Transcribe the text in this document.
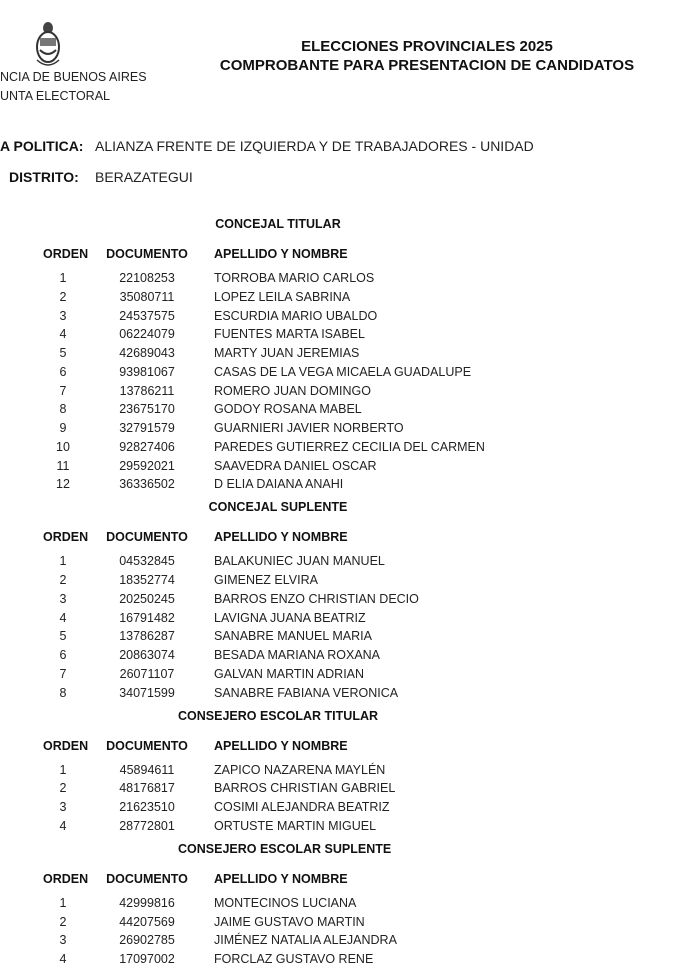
ELECCIONES PROVINCIALES 2025
COMPROBANTE PARA PRESENTACION DE CANDIDATOS
NCIA DE BUENOS AIRES
UNTA ELECTORAL
A POLITICA: ALIANZA FRENTE DE IZQUIERDA Y DE TRABAJADORES - UNIDAD
DISTRITO: BERAZATEGUI
CONCEJAL TITULAR
ORDEN DOCUMENTO APELLIDO Y NOMBRE
1	22108253	TORROBA MARIO CARLOS
2	35080711	LOPEZ LEILA SABRINA
3	24537575	ESCURDIA MARIO UBALDO
4	06224079	FUENTES MARTA ISABEL
5	42689043	MARTY JUAN JEREMIAS
6	93981067	CASAS DE LA VEGA MICAELA GUADALUPE
7	13786211	ROMERO JUAN DOMINGO
8	23675170	GODOY ROSANA MABEL
9	32791579	GUARNIERI JAVIER NORBERTO
10	92827406	PAREDES GUTIERREZ CECILIA DEL CARMEN
11	29592021	SAAVEDRA DANIEL OSCAR
12	36336502	D ELIA DAIANA ANAHI
CONCEJAL SUPLENTE
ORDEN DOCUMENTO APELLIDO Y NOMBRE
1	04532845	BALAKUNIEC JUAN MANUEL
2	18352774	GIMENEZ ELVIRA
3	20250245	BARROS ENZO CHRISTIAN DECIO
4	16791482	LAVIGNA JUANA BEATRIZ
5	13786287	SANABRE MANUEL MARIA
6	20863074	BESADA MARIANA ROXANA
7	26071107	GALVAN MARTIN ADRIAN
8	34071599	SANABRE FABIANA VERONICA
CONSEJERO ESCOLAR TITULAR
ORDEN DOCUMENTO APELLIDO Y NOMBRE
1	45894611	ZAPICO NAZARENA MAYLÉN
2	48176817	BARROS CHRISTIAN GABRIEL
3	21623510	COSIMI ALEJANDRA BEATRIZ
4	28772801	ORTUSTE MARTIN MIGUEL
CONSEJERO ESCOLAR SUPLENTE
ORDEN DOCUMENTO APELLIDO Y NOMBRE
1	42999816	MONTECINOS LUCIANA
2	44207569	JAIME GUSTAVO MARTIN
3	26902785	JIMÉNEZ NATALIA ALEJANDRA
4	17097002	FORCLAZ GUSTAVO RENE
